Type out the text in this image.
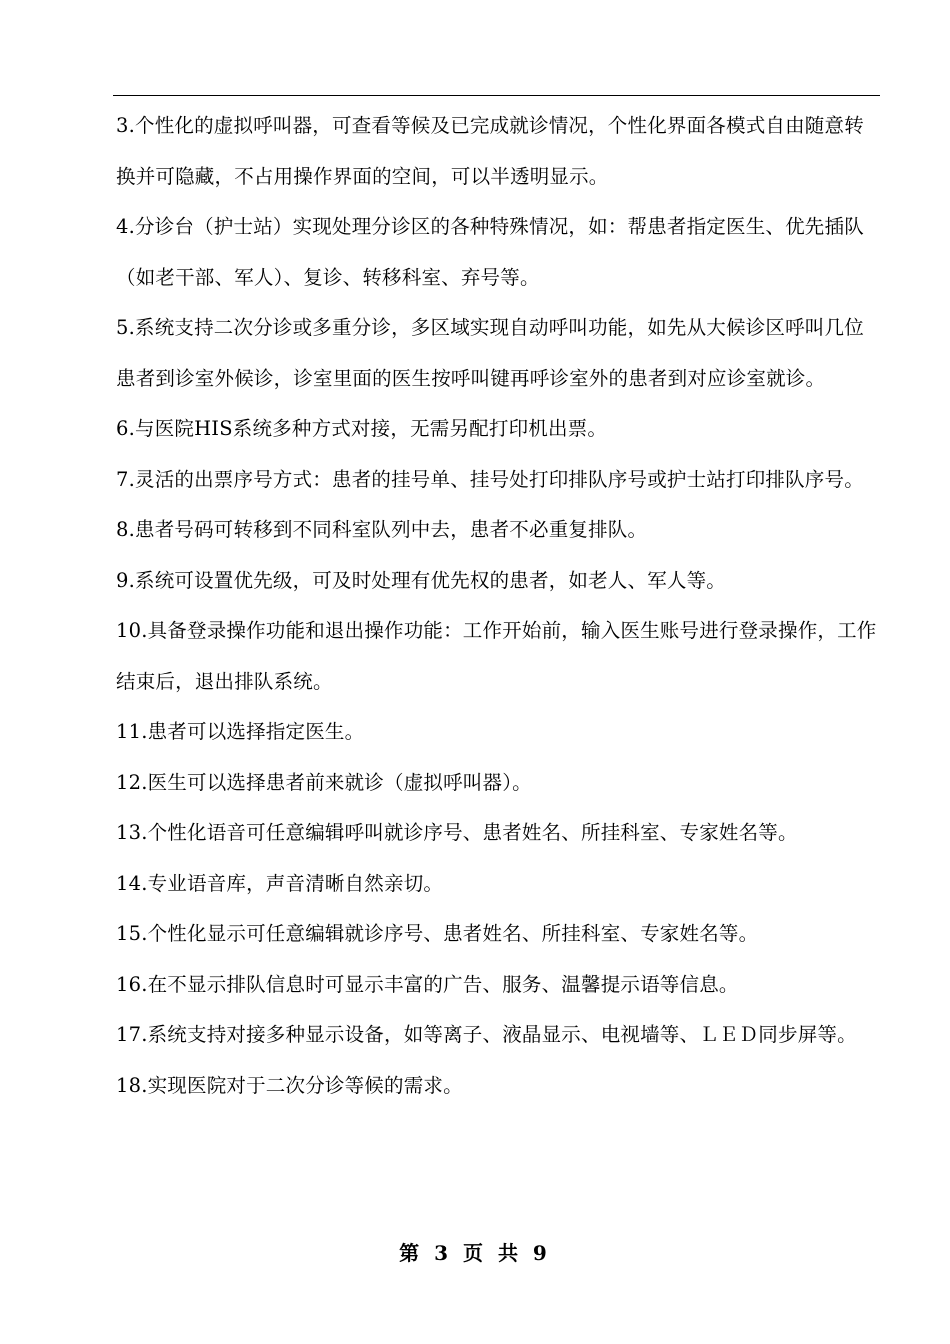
3.个性化的虚拟呼叫器，可查看等候及已完成就诊情况，个性化界面各模式自由随意转换并可隐藏，不占用操作界面的空间，可以半透明显示。

4.分诊台（护士站）实现处理分诊区的各种特殊情况，如：帮患者指定医生、优先插队（如老干部、军人）、复诊、转移科室、弃号等。

5.系统支持二次分诊或多重分诊，多区域实现自动呼叫功能，如先从大候诊区呼叫几位患者到诊室外候诊，诊室里面的医生按呼叫键再呼诊室外的患者到对应诊室就诊。

6.与医院HIS系统多种方式对接，无需另配打印机出票。

7.灵活的出票序号方式：患者的挂号单、挂号处打印排队序号或护士站打印排队序号。

8.患者号码可转移到不同科室队列中去，患者不必重复排队。

9.系统可设置优先级，可及时处理有优先权的患者，如老人、军人等。

10.具备登录操作功能和退出操作功能：工作开始前，输入医生账号进行登录操作，工作结束后，退出排队系统。

11.患者可以选择指定医生。

12.医生可以选择患者前来就诊（虚拟呼叫器）。

13.个性化语音可任意编辑呼叫就诊序号、患者姓名、所挂科室、专家姓名等。

14.专业语音库，声音清晰自然亲切。

15.个性化显示可任意编辑就诊序号、患者姓名、所挂科室、专家姓名等。

16.在不显示排队信息时可显示丰富的广告、服务、温馨提示语等信息。

17.系统支持对接多种显示设备，如等离子、液晶显示、电视墙等、ＬＥＤ同步屏等。

18.实现医院对于二次分诊等候的需求。

第 3 页 共 9
